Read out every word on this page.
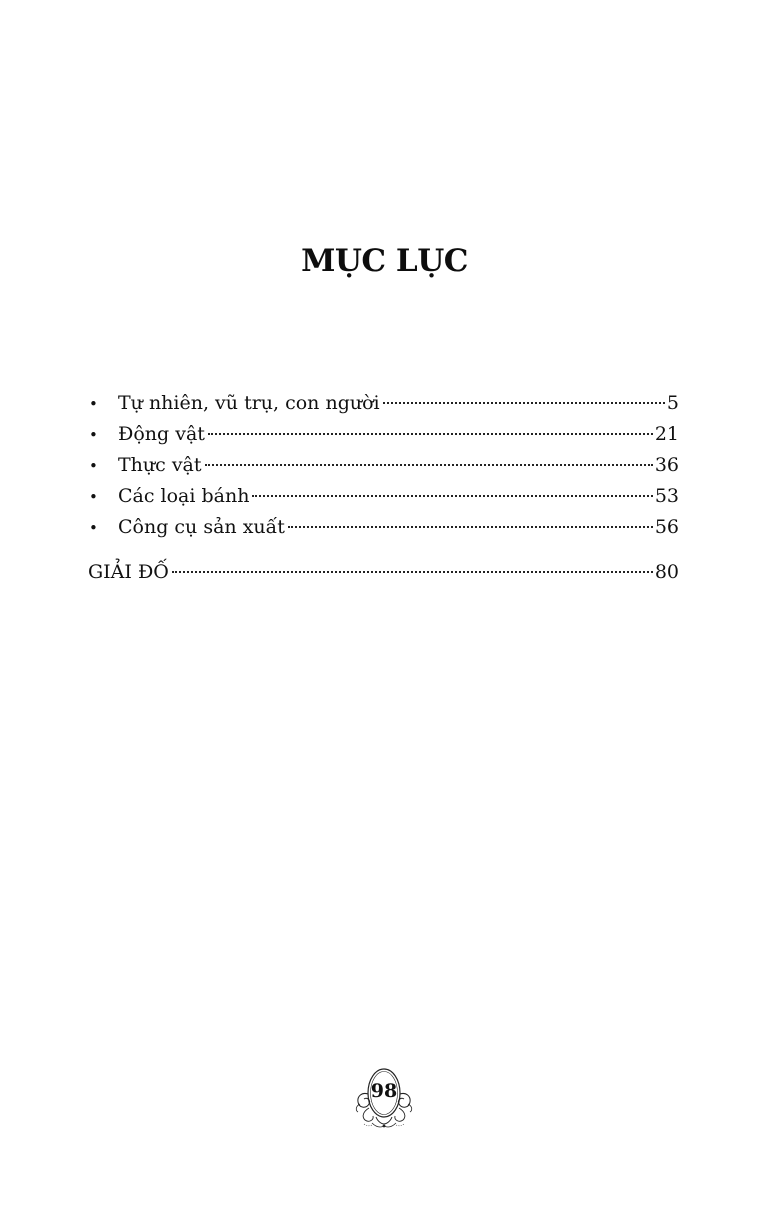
MỤC LỤC
•	Tự nhiên, vũ trụ, con người	5
•	Động vật	21
•	Thực vật	36
•	Các loại bánh	53
•	Công cụ sản xuất	56
GIẢI ĐỐ	80
98
